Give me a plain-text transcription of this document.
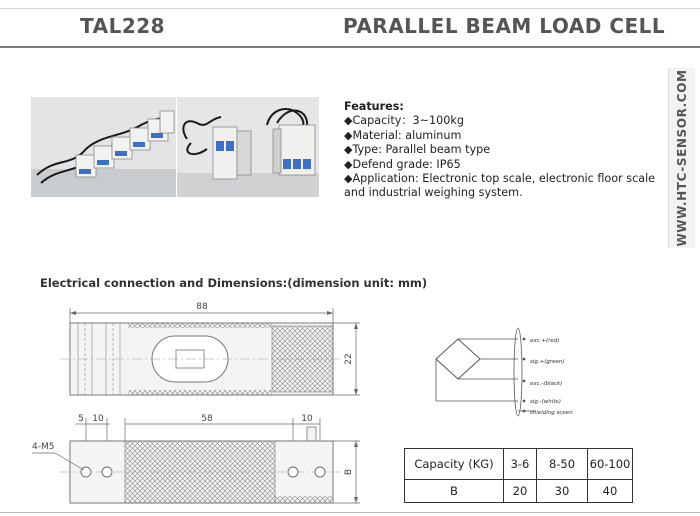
TAL228	PARALLEL BEAM LOAD CELL
Features:
◆ Capacity：3~100kg
◆ Material: aluminum
◆ Type: Parallel beam type
◆ Defend grade: IP65
◆ Application: Electronic top scale, electronic floor scale and industrial weighing system.	WWW.HTC-SENSOR.COM
Electrical connection and Dimensions:(dimension unit: mm)
88
22
5 10	58	10
4-M5
B
exc.+(red)
sig.+(green)
exc.-(black)
sig.-(white)
shielding sceen
Capacity (KG)	3-6	8-50	60-100
B	20	30	40
